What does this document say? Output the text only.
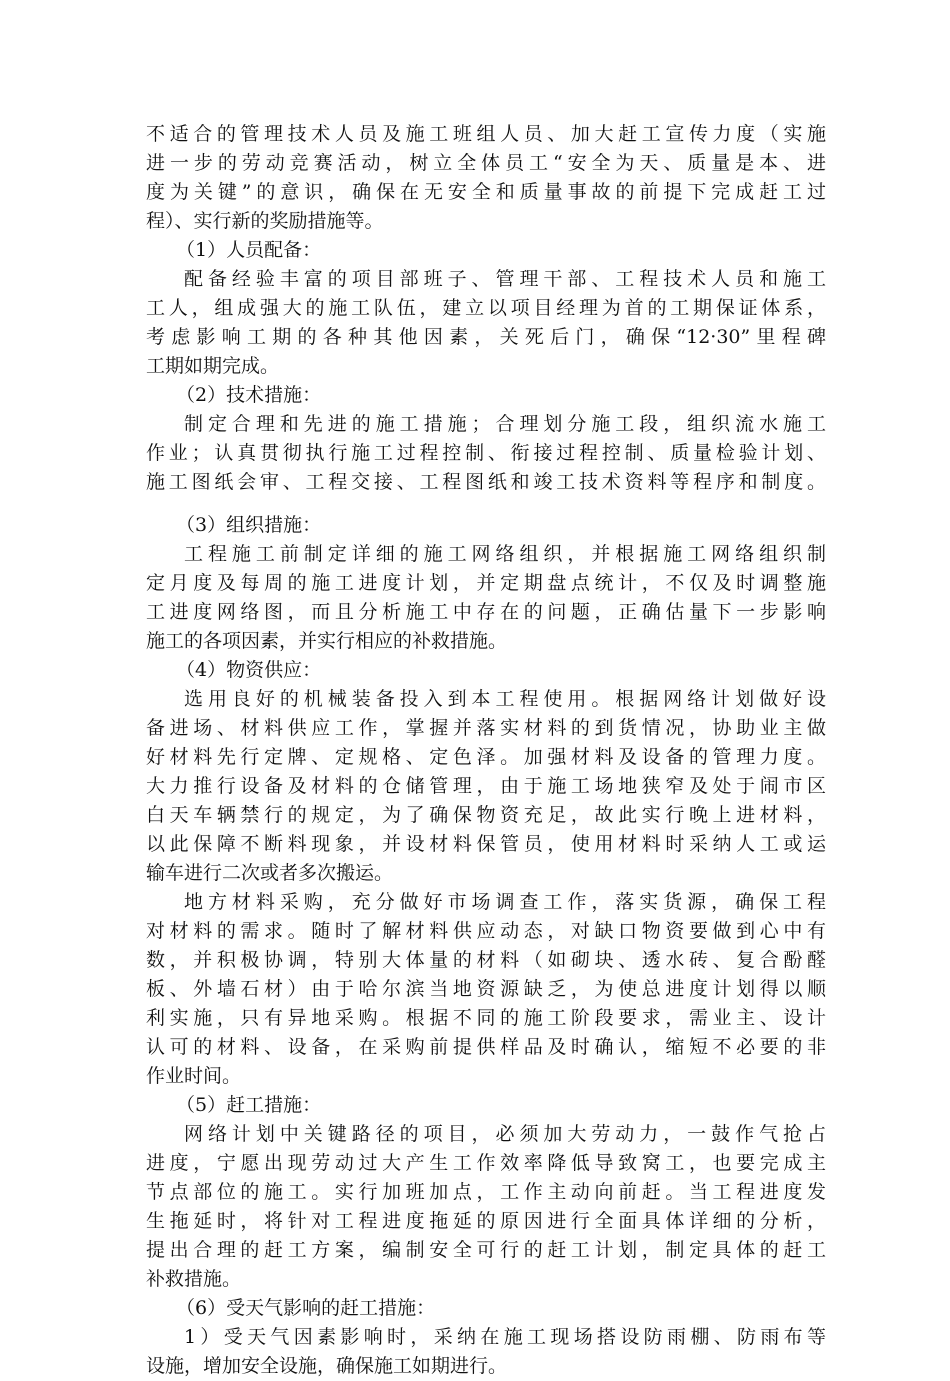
不适合的管理技术人员及施工班组人员、加大赶工宣传力度（实施
进一步的劳动竞赛活动，树立全体员工“安全为天、质量是本、进
度为关键”的意识，确保在无安全和质量事故的前提下完成赶工过
程）、实行新的奖励措施等。
（1）人员配备：
配备经验丰富的项目部班子、管理干部、工程技术人员和施工
工人，组成强大的施工队伍，建立以项目经理为首的工期保证体系，
考虑影响工期的各种其他因素，关死后门，确保“12·30”里程碑
工期如期完成。
（2）技术措施：
制定合理和先进的施工措施；合理划分施工段，组织流水施工
作业；认真贯彻执行施工过程控制、衔接过程控制、质量检验计划、
施工图纸会审、工程交接、工程图纸和竣工技术资料等程序和制度。
（3）组织措施：
工程施工前制定详细的施工网络组织，并根据施工网络组织制
定月度及每周的施工进度计划，并定期盘点统计，不仅及时调整施
工进度网络图，而且分析施工中存在的问题，正确估量下一步影响
施工的各项因素，并实行相应的补救措施。
（4）物资供应：
选用良好的机械装备投入到本工程使用。根据网络计划做好设
备进场、材料供应工作，掌握并落实材料的到货情况，协助业主做
好材料先行定牌、定规格、定色泽。加强材料及设备的管理力度。
大力推行设备及材料的仓储管理，由于施工场地狭窄及处于闹市区
白天车辆禁行的规定，为了确保物资充足，故此实行晚上进材料，
以此保障不断料现象，并设材料保管员，使用材料时采纳人工或运
输车进行二次或者多次搬运。
地方材料采购，充分做好市场调查工作，落实货源，确保工程
对材料的需求。随时了解材料供应动态，对缺口物资要做到心中有
数，并积极协调，特别大体量的材料（如砌块、透水砖、复合酚醛
板、外墙石材）由于哈尔滨当地资源缺乏，为使总进度计划得以顺
利实施，只有异地采购。根据不同的施工阶段要求，需业主、设计
认可的材料、设备，在采购前提供样品及时确认，缩短不必要的非
作业时间。
（5）赶工措施：
网络计划中关键路径的项目，必须加大劳动力，一鼓作气抢占
进度，宁愿出现劳动过大产生工作效率降低导致窝工，也要完成主
节点部位的施工。实行加班加点，工作主动向前赶。当工程进度发
生拖延时，将针对工程进度拖延的原因进行全面具体详细的分析，
提出合理的赶工方案，编制安全可行的赶工计划，制定具体的赶工
补救措施。
（6）受天气影响的赶工措施：
1）受天气因素影响时，采纳在施工现场搭设防雨棚、防雨布等
设施，增加安全设施，确保施工如期进行。
